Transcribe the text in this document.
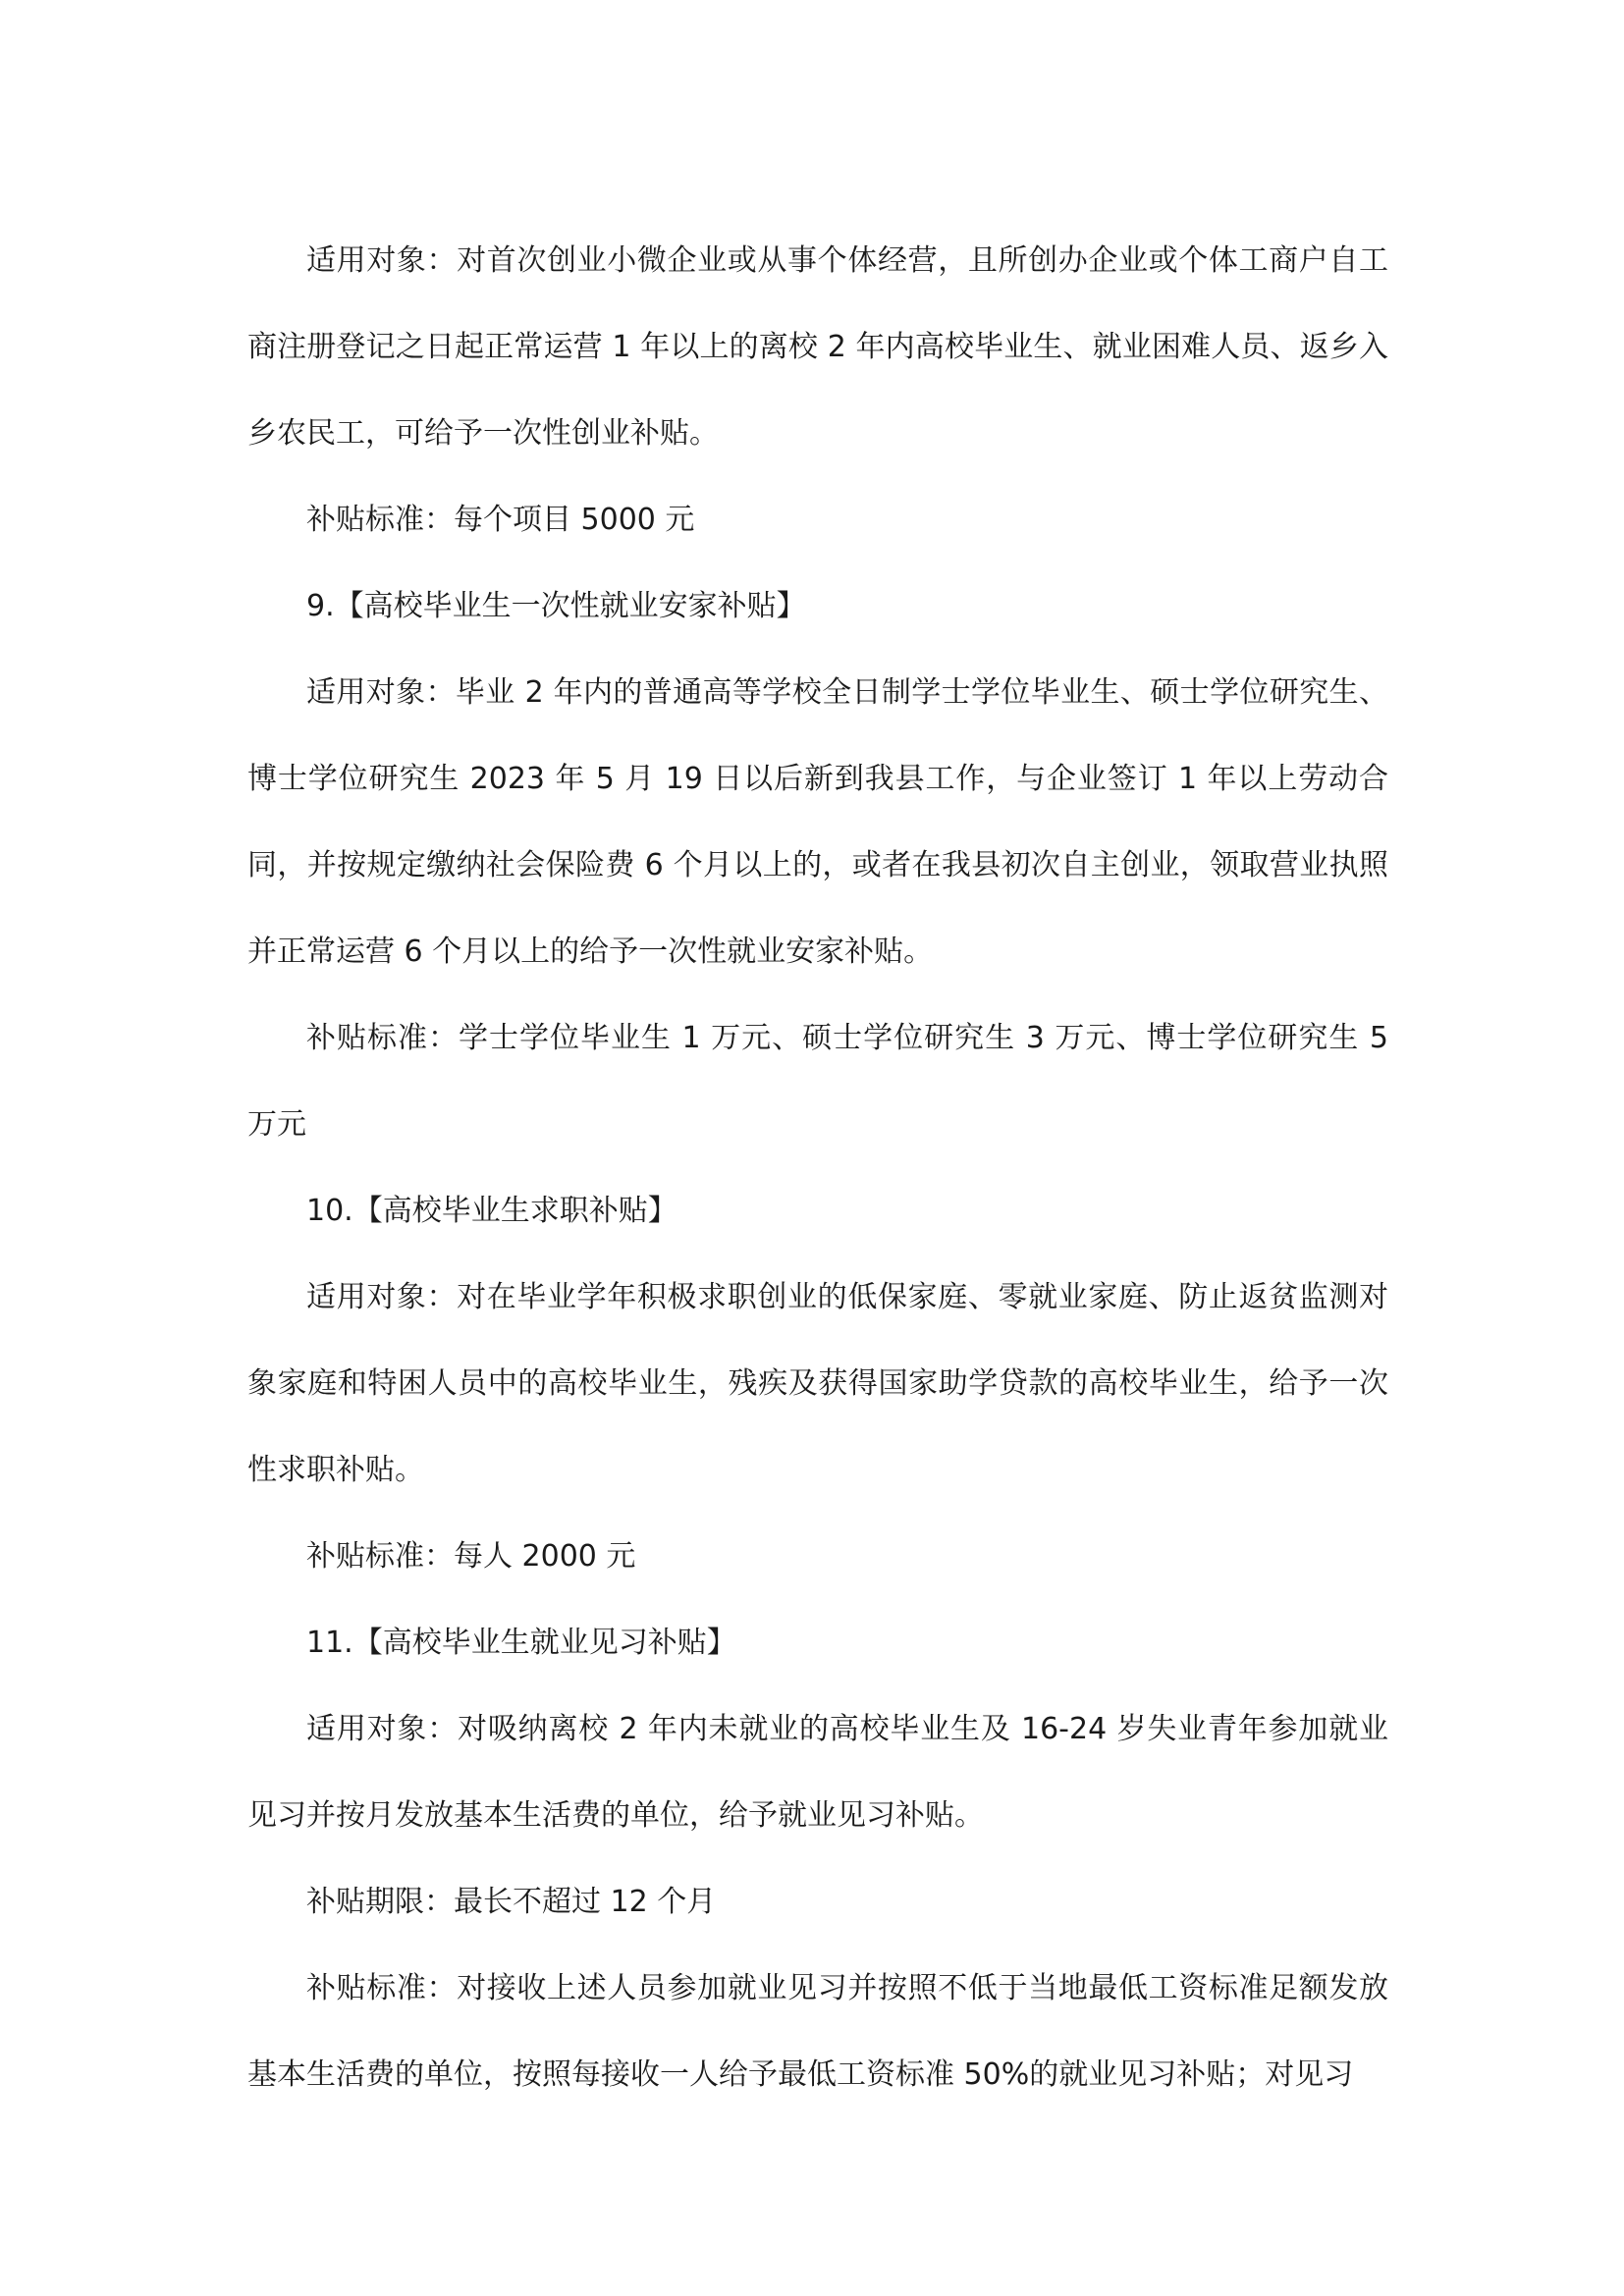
适用对象：对首次创业小微企业或从事个体经营，且所创办企业或个体工商户自工商注册登记之日起正常运营 1 年以上的离校 2 年内高校毕业生、就业困难人员、返乡入乡农民工，可给予一次性创业补贴。

补贴标准：每个项目 5000 元

9.【高校毕业生一次性就业安家补贴】

适用对象：毕业 2 年内的普通高等学校全日制学士学位毕业生、硕士学位研究生、博士学位研究生 2023 年 5 月 19 日以后新到我县工作，与企业签订 1 年以上劳动合同，并按规定缴纳社会保险费 6 个月以上的，或者在我县初次自主创业，领取营业执照并正常运营 6 个月以上的给予一次性就业安家补贴。

补贴标准：学士学位毕业生 1 万元、硕士学位研究生 3 万元、博士学位研究生 5 万元

10.【高校毕业生求职补贴】

适用对象：对在毕业学年积极求职创业的低保家庭、零就业家庭、防止返贫监测对象家庭和特困人员中的高校毕业生，残疾及获得国家助学贷款的高校毕业生，给予一次性求职补贴。

补贴标准：每人 2000 元

11.【高校毕业生就业见习补贴】

适用对象：对吸纳离校 2 年内未就业的高校毕业生及 16-24 岁失业青年参加就业见习并按月发放基本生活费的单位，给予就业见习补贴。

补贴期限：最长不超过 12 个月

补贴标准：对接收上述人员参加就业见习并按照不低于当地最低工资标准足额发放基本生活费的单位，按照每接收一人给予最低工资标准 50%的就业见习补贴；对见习
